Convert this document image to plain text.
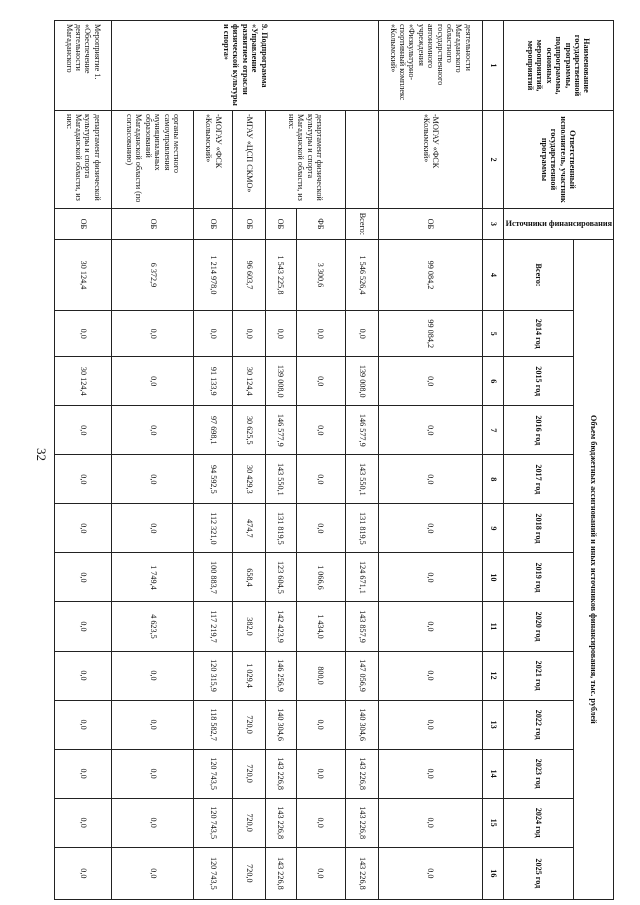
32
Наименование государственной программы, подпрограммы, основных мероприятий, мероприятий	Ответственный исполнитель, участник государственной программы	Источники финансирования	Объем бюджетных ассигнований и иных источников финансирования, тыс. рублей												
			Всего:	2014 год	2015 год	2016 год	2017 год	2018 год	2019 год	2020 год	2021 год	2022 год	2023 год	2024 год	2025 год
1	2	3	4	5	6	7	8	9	10	11	12	13	14	15	16
деятельности Магаданского областного государственного автономного учреждения «Физкультурно-спортивный комплекс «Колымский»	-МОГАУ «ФСК «Колымский»	ОБ	99 084,2	99 084,2	0,0	0,0	0,0	0,0	0,0	0,0	0,0	0,0	0,0	0,0	0,0
9. Подпрограмма «Управление развитием отрасли физической культуры и спорта»		Всего:	1 546 526,4	0,0	139 008,0	146 577,9	143 550,1	131 819,5	124 671,1	143 857,9	147 056,9	140 304,6	143 226,8	143 226,8	143 226,8
	департамент физической культуры и спорта Магаданской области, из них:	ФБ	3 300,6	0,0	0,0	0,0	0,0	0,0	1 066,6	1 434,0	800,0	0,0	0,0	0,0	0,0
		ОБ	1 543 225,8	0,0	139 008,0	146 577,9	143 550,1	131 819,5	123 604,5	142 423,9	146 256,9	140 304,6	143 226,8	143 226,8	143 226,8
	-МГАУ «ЦСП СКМО»	ОБ	96 603,7	0,0	30 124,4	30 625,5	30 429,3	474,7	658,4	382,0	1 029,4	720,0	720,0	720,0	720,0
	-МОГАУ «ФСК «Колымский»	ОБ	1 214 978,0	0,0	91 133,9	97 698,1	94 592,5	112 321,0	100 883,7	117 219,7	120 315,9	118 582,7	120 743,5	120 743,5	120 743,5
	органы местного самоуправления муниципальных образований Магаданской области (по согласованию)	ОБ	6 372,9	0,0	0,0	0,0	0,0	0,0	1 749,4	4 623,5	0,0	0,0	0,0	0,0	0,0
Мероприятие 1. «Обеспечение деятельности Магаданского	департамент физической культуры и спорта Магаданской области, из них:	ОБ	30 124,4	0,0	30 124,4	0,0	0,0	0,0	0,0	0,0	0,0	0,0	0,0	0,0	0,0
